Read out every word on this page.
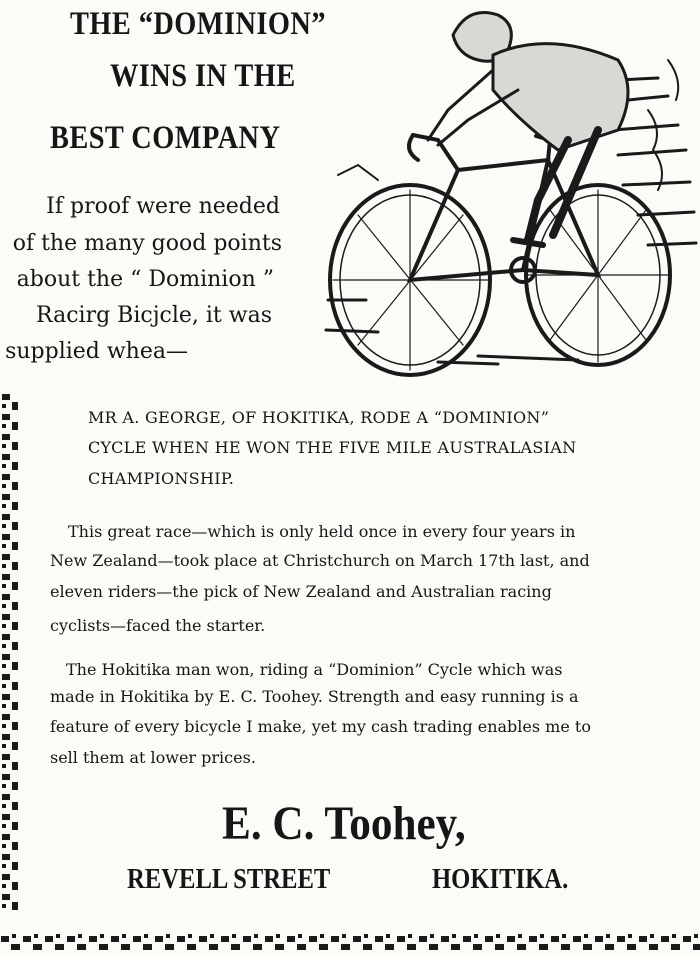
THE “DOMINION”
WINS IN THE
BEST COMPANY
If proof were needed
of the many good points
about the “ Dominion ”
Racirg Bicjcle, it was
supplied whea—
MR A. GEORGE, OF HOKITIKA, RODE A “DOMINION”
CYCLE WHEN HE WON THE FIVE MILE AUSTRALASIAN
CHAMPIONSHIP.
This great race—which is only held once in every four years in
New Zealand—took place at Christchurch on March 17th last, and
eleven riders—the pick of New Zealand and Australian racing
cyclists—faced the starter.
The Hokitika man won, riding a “Dominion” Cycle which was
made in Hokitika by E. C. Toohey. Strength and easy running is a
feature of every bicycle I make, yet my cash trading enables me to
sell them at lower prices.
E. C. Toohey,
REVELL STREET	HOKITIKA.
